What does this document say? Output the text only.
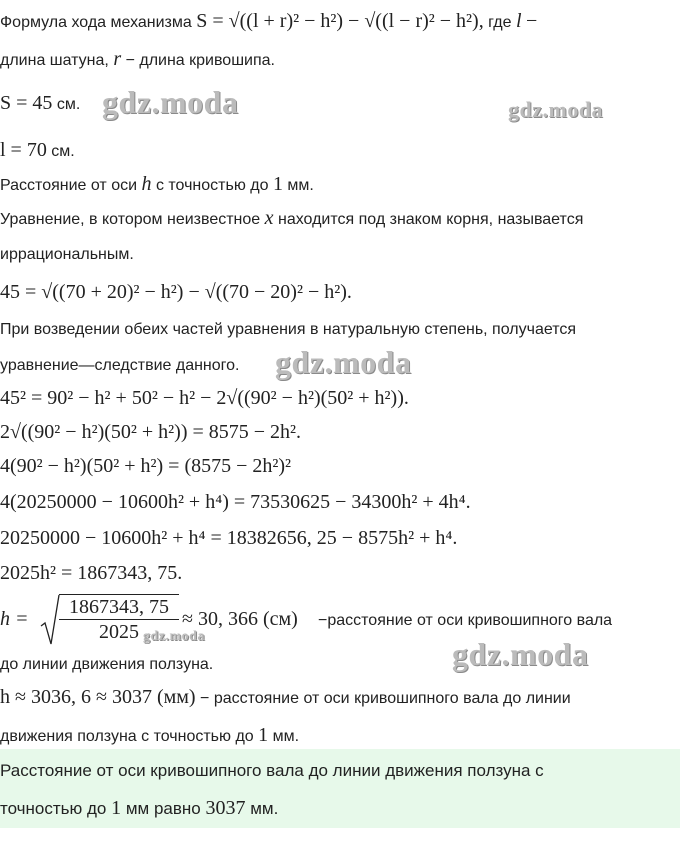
Формула хода механизма S = √((l + r)² − h²) − √((l − r)² − h²), где l −
длина шатуна, r − длина кривошипа.
S = 45 см.
l = 70 см.
Расстояние от оси h с точностью до 1 мм.
Уравнение, в котором неизвестное x находится под знаком корня, называется
иррациональным.
45 = √((70 + 20)² − h²) − √((70 − 20)² − h²).
При возведении обеих частей уравнения в натуральную степень, получается
уравнение—следствие данного.
45² = 90² − h² + 50² − h² − 2√((90² − h²)(50² + h²)).
2√((90² − h²)(50² + h²)) = 8575 − 2h².
4(90² − h²)(50² + h²) = (8575 − 2h²)²
4(20250000 − 10600h² + h⁴) = 73530625 − 34300h² + 4h⁴.
20250000 − 10600h² + h⁴ = 18382656, 25 − 8575h² + h⁴.
2025h² = 1867343, 75.
$h = \frac{1867343, 75}{2025} \approx 30$, 366 (см) −расстояние от оси кривошипного вала
до линии движения ползуна.
h ≈ 3036, 6 ≈ 3037 (мм) − расстояние от оси кривошипного вала до линии
движения ползуна с точностью до 1 мм.
Расстояние от оси кривошипного вала до линии движения ползуна с
точностью до 1 мм равно 3037 мм.
gdz.moda	gdz.moda
gdz.moda
gdz.moda	gdz.moda
